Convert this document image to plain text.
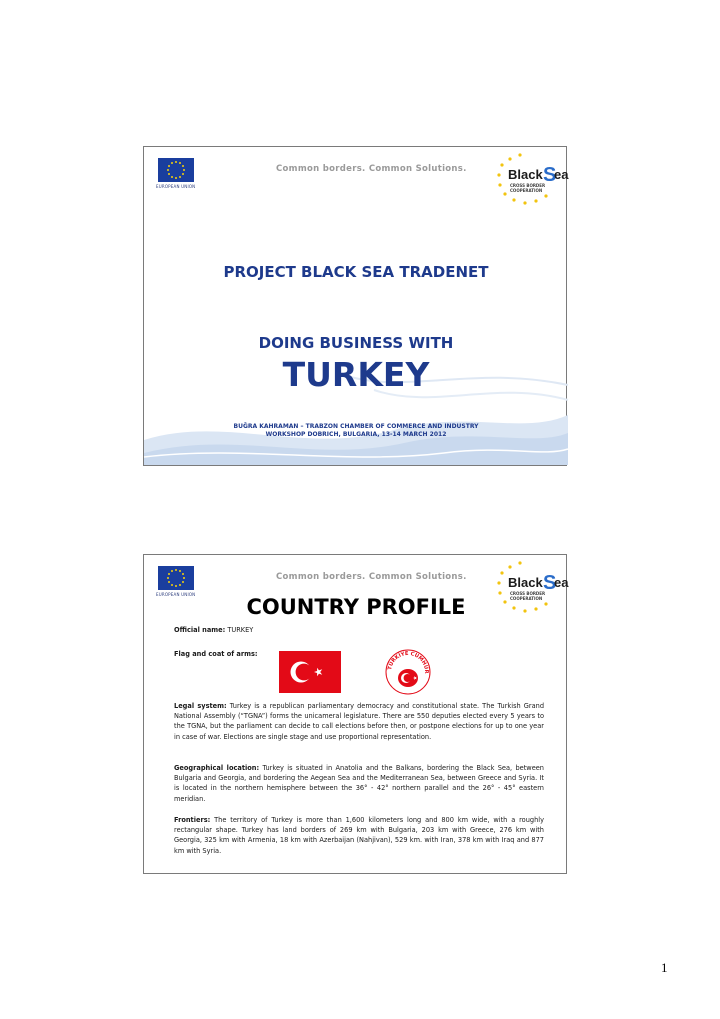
EUROPEAN UNION
Common borders. Common Solutions.	Black S
ea
CROSS BORDER
COOPERATION
PROJECT BLACK SEA TRADENET
DOING BUSINESS WITH
TURKEY
BUĞRA KAHRAMAN – TRABZON CHAMBER OF COMMERCE AND INDUSTRY
WORKSHOP DOBRICH, BULGARIA, 13-14 MARCH 2012
EUROPEAN UNION
Common borders. Common Solutions.	Black S
ea
CROSS BORDER
COOPERATION
COUNTRY PROFILE
Official name: TURKEY
Flag and coat of arms:
TÜRKİYE CUMHUR
Legal system: Turkey is a republican parliamentary democracy and constitutional state. The Turkish Grand National Assembly (“TGNA”) forms the unicameral legislature. There are 550 deputies elected every 5 years to the TGNA, but the parliament can decide to call elections before then, or postpone elections for up to one year in case of war. Elections are single stage and use proportional representation.
Geographical location: Turkey is situated in Anatolia and the Balkans, bordering the Black Sea, between Bulgaria and Georgia, and bordering the Aegean Sea and the Mediterranean Sea, between Greece and Syria. It is located in the northern hemisphere between the 36° - 42° northern parallel and the 26° - 45° eastern meridian.
Frontiers: The territory of Turkey is more than 1,600 kilometers long and 800 km wide, with a roughly rectangular shape. Turkey has land borders of 269 km with Bulgaria, 203 km with Greece, 276 km with Georgia, 325 km with Armenia, 18 km with Azerbaijan (Nahjivan), 529 km. with Iran, 378 km with Iraq and 877 km with Syria.
1
